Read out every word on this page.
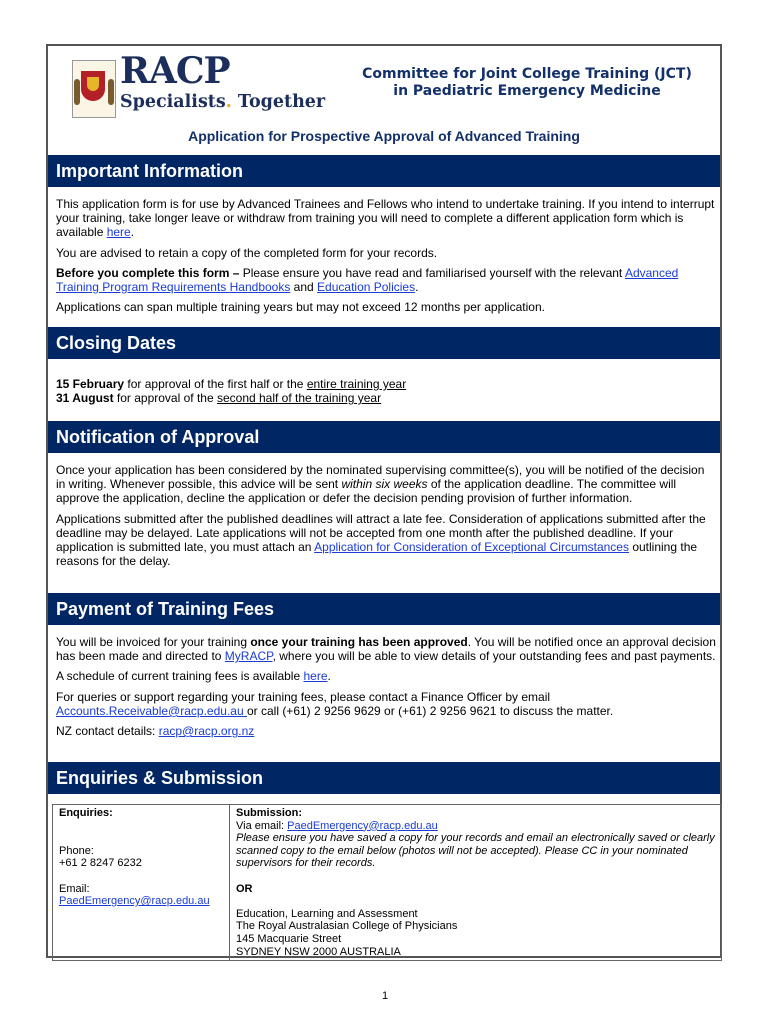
RACP
Specialists. Together
Committee for Joint College Training (JCT)
in Paediatric Emergency Medicine
Application for Prospective Approval of Advanced Training
Important Information

This application form is for use by Advanced Trainees and Fellows who intend to undertake training. If you intend to interrupt your training, take longer leave or withdraw from training you will need to complete a different application form which is available here.

You are advised to retain a copy of the completed form for your records.

Before you complete this form – Please ensure you have read and familiarised yourself with the relevant Advanced Training Program Requirements Handbooks and Education Policies.

Applications can span multiple training years but may not exceed 12 months per application.

Closing Dates
15 February for approval of the first half or the entire training year
31 August for approval of the second half of the training year
Notification of Approval

Once your application has been considered by the nominated supervising committee(s), you will be notified of the decision in writing. Whenever possible, this advice will be sent within six weeks of the application deadline. The committee will approve the application, decline the application or defer the decision pending provision of further information.

Applications submitted after the published deadlines will attract a late fee. Consideration of applications submitted after the deadline may be delayed. Late applications will not be accepted from one month after the published deadline. If your application is submitted late, you must attach an Application for Consideration of Exceptional Circumstances outlining the reasons for the delay.

Payment of Training Fees

You will be invoiced for your training once your training has been approved. You will be notified once an approval decision has been made and directed to MyRACP, where you will be able to view details of your outstanding fees and past payments.

A schedule of current training fees is available here.

For queries or support regarding your training fees, please contact a Finance Officer by email Accounts.Receivable@racp.edu.au or call (+61) 2 9256 9629 or (+61) 2 9256 9621 to discuss the matter.

NZ contact details: racp@racp.org.nz

Enquiries & Submission
Enquiries:

Phone:
+61 2 8247 6232

Email:
PaedEmergency@racp.edu.au	Submission:
Via email: PaedEmergency@racp.edu.au
Please ensure you have saved a copy for your records and email an electronically saved or clearly scanned copy to the email below (photos will not be accepted). Please CC in your nominated supervisors for their records.

OR

Education, Learning and Assessment
The Royal Australasian College of Physicians
145 Macquarie Street
SYDNEY NSW 2000 AUSTRALIA
1
